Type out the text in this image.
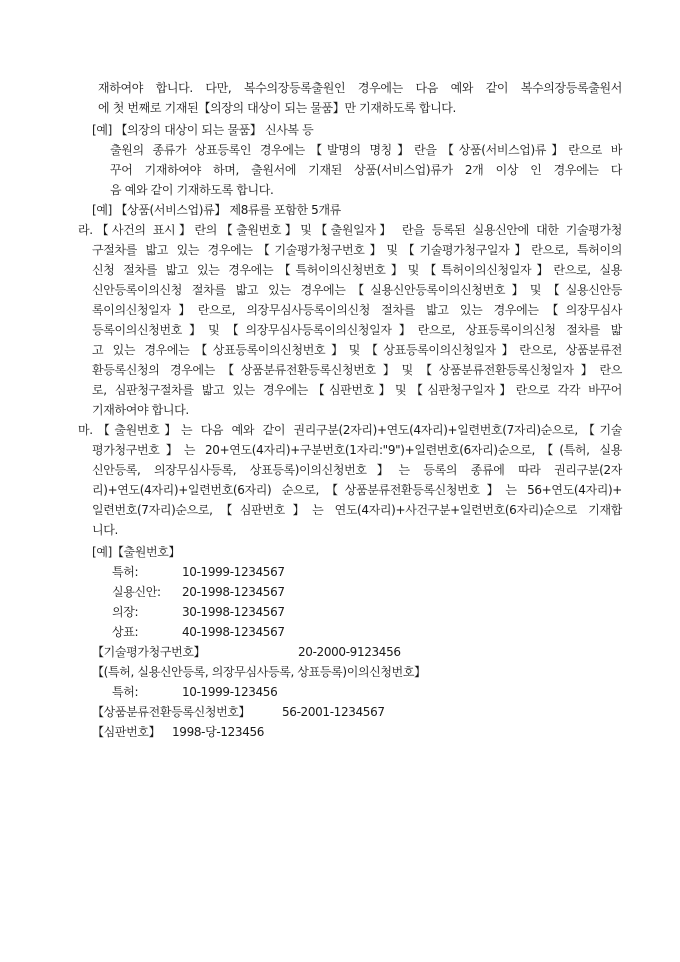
재하여야 합니다. 다만, 복수의장등록출원인 경우에는 다음 예와 같이 복수의장등록출원서
에 첫 번째로 기재된【의장의 대상이 되는 물품】만 기재하도록 합니다.
[예] 【의장의 대상이 되는 물품】 신사복 등
출원의 종류가 상표등록인 경우에는【발명의 명칭】란을【상품(서비스업)류】란으로 바
꾸어 기재하여야 하며, 출원서에 기재된 상품(서비스업)류가 2개 이상 인 경우에는 다
음 예와 같이 기재하도록 합니다.
[예] 【상품(서비스업)류】 제8류를 포함한 5개류
라.【사건의 표시】란의【출원번호】및【출원일자】 란을 등록된 실용신안에 대한 기술평가청
구절차를 밟고 있는 경우에는【기술평가청구번호】및【기술평가청구일자】란으로, 특허이의
신청 절차를 밟고 있는 경우에는【특허이의신청번호】및【특허이의신청일자】란으로, 실용
신안등록이의신청 절차를 밟고 있는 경우에는【실용신안등록이의신청번호】및【실용신안등
록이의신청일자】란으로, 의장무심사등록이의신청 절차를 밟고 있는 경우에는【의장무심사
등록이의신청번호】및【의장무심사등록이의신청일자】란으로, 상표등록이의신청 절차를 밟
고 있는 경우에는【상표등록이의신청번호】및【상표등록이의신청일자】란으로, 상품분류전
환등록신청의 경우에는【상품분류전환등록신청번호】및【상품분류전환등록신청일자】란으
로, 심판청구절차를 밟고 있는 경우에는【심판번호】및【심판청구일자】란으로 각각 바꾸어
기재하여야 합니다.
마.【출원번호】는 다음 예와 같이 권리구분(2자리)+연도(4자리)+일련번호(7자리)순으로,【기술
평가청구번호】는 20+연도(4자리)+구분번호(1자리:"9")+일련번호(6자리)순으로,【(특허, 실용
신안등록, 의장무심사등록, 상표등록)이의신청번호】는 등록의 종류에 따라 권리구분(2자
리)+연도(4자리)+일련번호(6자리) 순으로,【상품분류전환등록신청번호】는 56+연도(4자리)+
일련번호(7자리)순으로,【심판번호】는 연도(4자리)+사건구분+일련번호(6자리)순으로 기재합
니다.
[예]【출원번호】
특허:	10-1999-1234567
실용신안: 20-1998-1234567
의장:	30-1998-1234567
상표:	40-1998-1234567
【기술평가청구번호】	20-2000-9123456
【(특허, 실용신안등록, 의장무심사등록, 상표등록)이의신청번호】
특허:	10-1999-123456
【상품분류전환등록신청번호】	56-2001-1234567
【심판번호】 1998-당-123456
